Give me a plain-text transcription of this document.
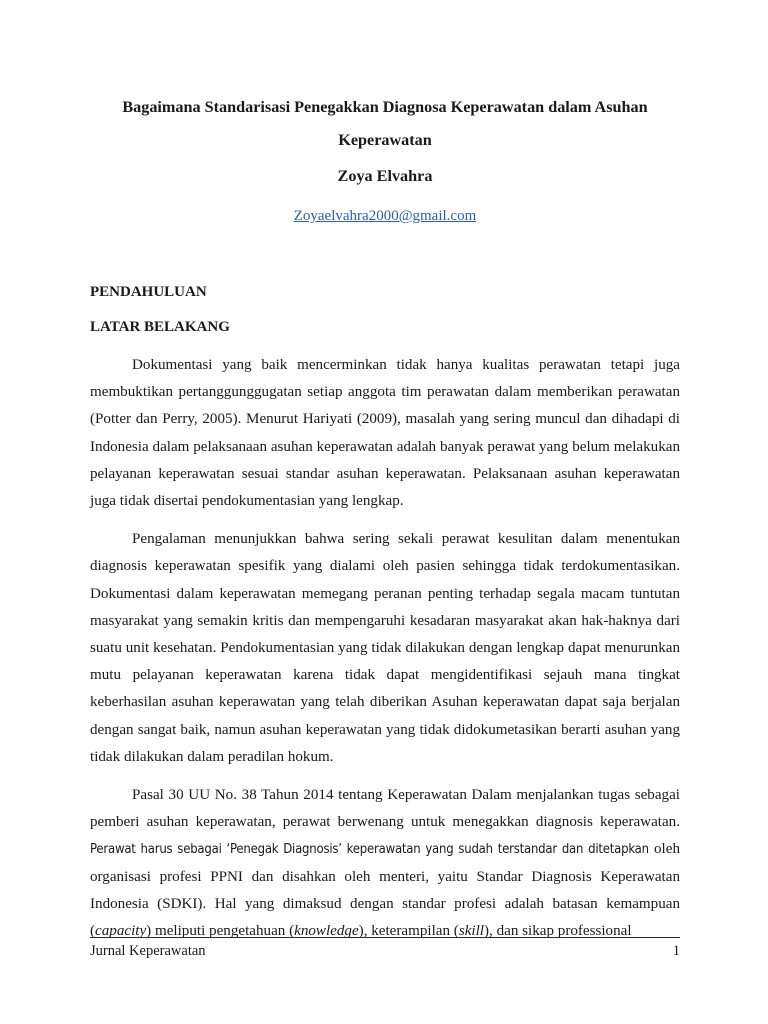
Bagaimana Standarisasi Penegakkan Diagnosa Keperawatan dalam Asuhan Keperawatan
Zoya Elvahra
Zoyaelvahra2000@gmail.com
PENDAHULUAN
LATAR BELAKANG

Dokumentasi yang baik mencerminkan tidak hanya kualitas perawatan tetapi juga membuktikan pertanggunggugatan setiap anggota tim perawatan dalam memberikan perawatan (Potter dan Perry, 2005). Menurut Hariyati (2009), masalah yang sering muncul dan dihadapi di Indonesia dalam pelaksanaan asuhan keperawatan adalah banyak perawat yang belum melakukan pelayanan keperawatan sesuai standar asuhan keperawatan. Pelaksanaan asuhan keperawatan juga tidak disertai pendokumentasian yang lengkap.

Pengalaman menunjukkan bahwa sering sekali perawat kesulitan dalam menentukan diagnosis keperawatan spesifik yang dialami oleh pasien sehingga tidak terdokumentasikan. Dokumentasi dalam keperawatan memegang peranan penting terhadap segala macam tuntutan masyarakat yang semakin kritis dan mempengaruhi kesadaran masyarakat akan hak-haknya dari suatu unit kesehatan. Pendokumentasian yang tidak dilakukan dengan lengkap dapat menurunkan mutu pelayanan keperawatan karena tidak dapat mengidentifikasi sejauh mana tingkat keberhasilan asuhan keperawatan yang telah diberikan Asuhan keperawatan dapat saja berjalan dengan sangat baik, namun asuhan keperawatan yang tidak didokumetasikan berarti asuhan yang tidak dilakukan dalam peradilan hokum.

Pasal 30 UU No. 38 Tahun 2014 tentang Keperawatan Dalam menjalankan tugas sebagai pemberi asuhan keperawatan, perawat berwenang untuk menegakkan diagnosis keperawatan. Perawat harus sebagai ‘Penegak Diagnosis’ keperawatan yang sudah terstandar dan ditetapkan oleh organisasi profesi PPNI dan disahkan oleh menteri, yaitu Standar Diagnosis Keperawatan Indonesia (SDKI). Hal yang dimaksud dengan standar profesi adalah batasan kemampuan (capacity) meliputi pengetahuan (knowledge), keterampilan (skill), dan sikap professional

Jurnal Keperawatan	1
